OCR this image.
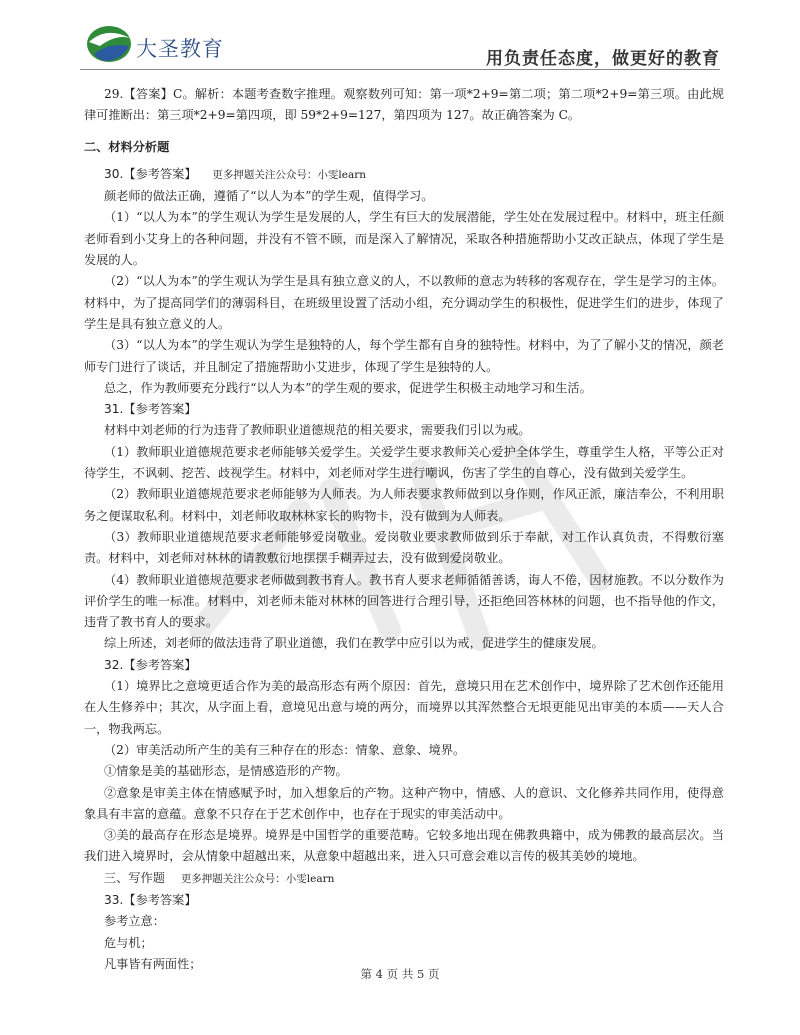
大圣教育	用负责任态度，做更好的教育

29.【答案】C。解析：本题考查数字推理。观察数列可知：第一项*2+9=第二项；第二项*2+9=第三项。由此规律可推断出：第三项*2+9=第四项，即 59*2+9=127，第四项为 127。故正确答案为 C。

二、材料分析题

30.【参考答案】 更多押题关注公众号：小雯learn

颜老师的做法正确，遵循了“以人为本”的学生观，值得学习。

（1）“以人为本”的学生观认为学生是发展的人，学生有巨大的发展潜能，学生处在发展过程中。材料中，班主任颜老师看到小艾身上的各种问题，并没有不管不顾，而是深入了解情况，采取各种措施帮助小艾改正缺点，体现了学生是发展的人。

（2）“以人为本”的学生观认为学生是具有独立意义的人，不以教师的意志为转移的客观存在，学生是学习的主体。材料中，为了提高同学们的薄弱科目，在班级里设置了活动小组，充分调动学生的积极性，促进学生们的进步，体现了学生是具有独立意义的人。

（3）“以人为本”的学生观认为学生是独特的人，每个学生都有自身的独特性。材料中，为了了解小艾的情况，颜老师专门进行了谈话，并且制定了措施帮助小艾进步，体现了学生是独特的人。

总之，作为教师要充分践行“以人为本”的学生观的要求，促进学生积极主动地学习和生活。

31.【参考答案】

材料中刘老师的行为违背了教师职业道德规范的相关要求，需要我们引以为戒。

（1）教师职业道德规范要求老师能够关爱学生。关爱学生要求教师关心爱护全体学生，尊重学生人格，平等公正对待学生，不讽刺、挖苦、歧视学生。材料中，刘老师对学生进行嘲讽，伤害了学生的自尊心，没有做到关爱学生。

（2）教师职业道德规范要求老师能够为人师表。为人师表要求教师做到以身作则，作风正派，廉洁奉公，不利用职务之便谋取私利。材料中，刘老师收取林林家长的购物卡，没有做到为人师表。

（3）教师职业道德规范要求老师能够爱岗敬业。爱岗敬业要求教师做到乐于奉献，对工作认真负责，不得敷衍塞责。材料中，刘老师对林林的请教敷衍地摆摆手糊弄过去，没有做到爱岗敬业。

（4）教师职业道德规范要求老师做到教书育人。教书育人要求老师循循善诱，诲人不倦，因材施教。不以分数作为评价学生的唯一标准。材料中，刘老师未能对林林的回答进行合理引导，还拒绝回答林林的问题，也不指导他的作文，违背了教书育人的要求。

综上所述，刘老师的做法违背了职业道德，我们在教学中应引以为戒，促进学生的健康发展。

32.【参考答案】

（1）境界比之意境更适合作为美的最高形态有两个原因：首先，意境只用在艺术创作中，境界除了艺术创作还能用在人生修养中；其次，从字面上看，意境见出意与境的两分，而境界以其浑然整合无垠更能见出审美的本质——天人合一，物我两忘。

（2）审美活动所产生的美有三种存在的形态：情象、意象、境界。

①情象是美的基础形态，是情感造形的产物。

②意象是审美主体在情感赋予时，加入想象后的产物。这种产物中，情感、人的意识、文化修养共同作用，使得意象具有丰富的意蕴。意象不只存在于艺术创作中，也存在于现实的审美活动中。

③美的最高存在形态是境界。境界是中国哲学的重要范畴。它较多地出现在佛教典籍中，成为佛教的最高层次。当我们进入境界时，会从情象中超越出来，从意象中超越出来，进入只可意会难以言传的极其美妙的境地。

三、写作题 更多押题关注公众号：小雯learn

33.【参考答案】

参考立意：

危与机；

凡事皆有两面性；

第 4 页 共 5 页
